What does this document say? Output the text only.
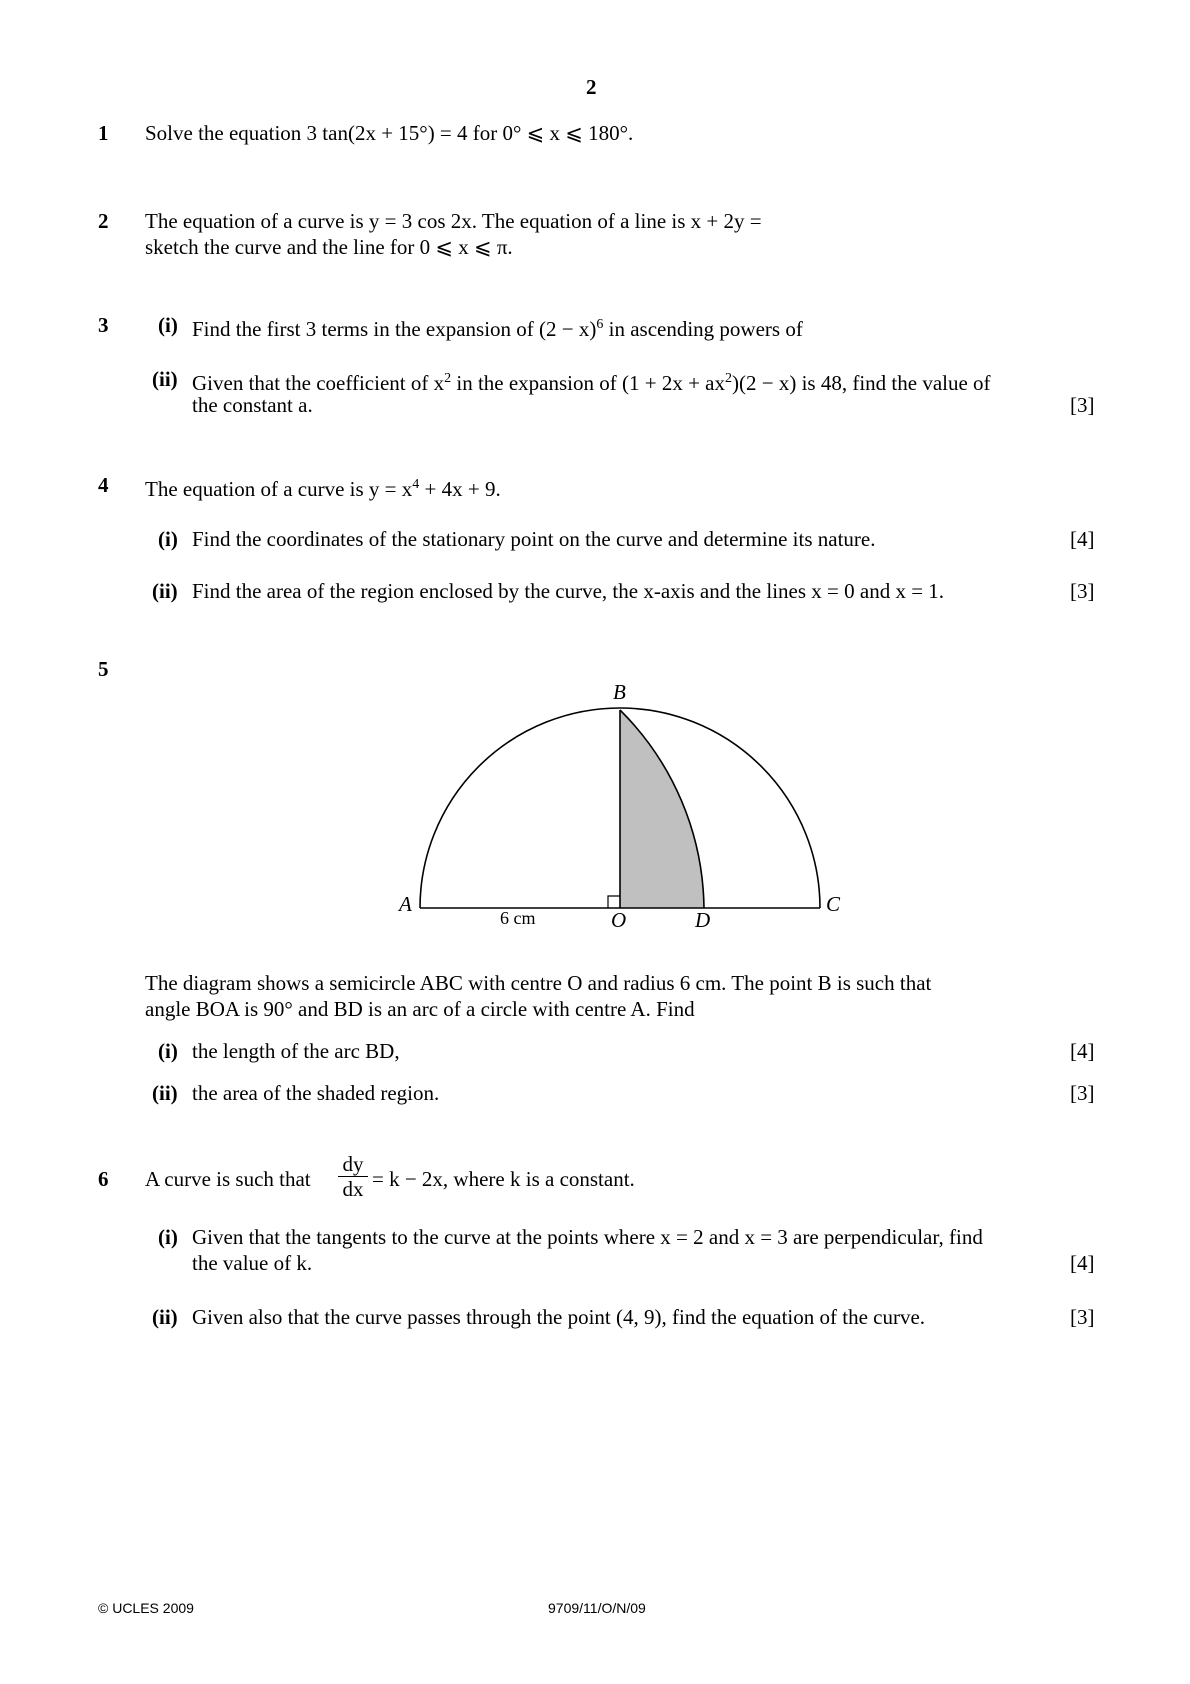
2
1 Solve the equation 3 tan(2x + 15°) = 4 for 0° ⩽ x ⩽ 180°.
2 The equation of a curve is y = 3 cos 2x. The equation of a line is x + 2y =
sketch the curve and the line for 0 ⩽ x ⩽ π.
3 (i) Find the first 3 terms in the expansion of $(2 - x)^6$ in ascending powers of
(ii) Given that the coefficient of $x^2$ in the expansion of $(1 + 2x + ax^2)(2 - x)$ is 48, find the value of
the constant a.	[3]
4 The equation of a curve is $y = x^4 + 4x + 9$.
(i) Find the coordinates of the stationary point on the curve and determine its nature.	[4]
(ii) Find the area of the region enclosed by the curve, the x-axis and the lines x = 0 and x = 1.	[3]
5
B
A	C
O	D
6 cm
The diagram shows a semicircle ABC with centre O and radius 6 cm. The point B is such that
angle BOA is 90° and BD is an arc of a circle with centre A. Find
(i) the length of the arc BD,	[4]
(ii) the area of the shaded region.	[3]
6 A curve is such that
dy
dx = k − 2x, where k is a constant.
(i) Given that the tangents to the curve at the points where x = 2 and x = 3 are perpendicular, find
the value of k.	[4]
(ii) Given also that the curve passes through the point (4, 9), find the equation of the curve.	[3]
© UCLES 2009	9709/11/O/N/09
